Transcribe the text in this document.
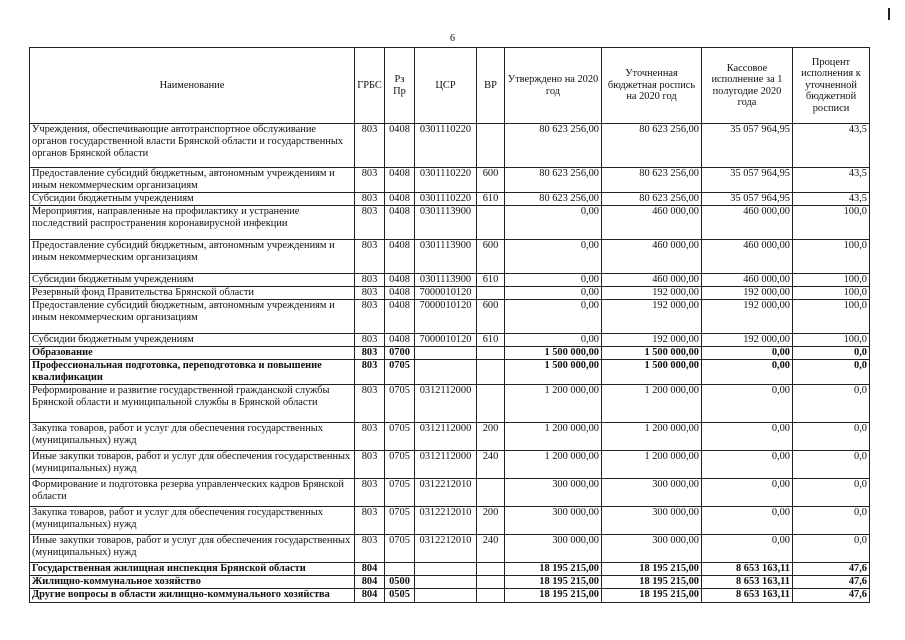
6
Наименование	ГРБС	Рз Пр	ЦСР	ВР	Утверждено на 2020 год	Уточненная бюджетная роспись на 2020 год	Кассовое исполнение за 1 полугодие 2020 года	Процент исполнения к уточненной бюджетной росписи
Учреждения, обеспечивающие автотранспортное обслуживание органов государственной власти Брянской области и государственных органов Брянской области	803	0408	0301110220		80 623 256,00	80 623 256,00	35 057 964,95	43,5
Предоставление субсидий бюджетным, автономным учреждениям и иным некоммерческим организациям	803	0408	0301110220	600	80 623 256,00	80 623 256,00	35 057 964,95	43,5
Субсидии бюджетным учреждениям	803	0408	0301110220	610	80 623 256,00	80 623 256,00	35 057 964,95	43,5
Мероприятия, направленные на профилактику и устранение последствий распространения коронавирусной инфекции	803	0408	0301113900		0,00	460 000,00	460 000,00	100,0
Предоставление субсидий бюджетным, автономным учреждениям и иным некоммерческим организациям	803	0408	0301113900	600	0,00	460 000,00	460 000,00	100,0
Субсидии бюджетным учреждениям	803	0408	0301113900	610	0,00	460 000,00	460 000,00	100,0
Резервный фонд Правительства Брянской области	803	0408	7000010120		0,00	192 000,00	192 000,00	100,0
Предоставление субсидий бюджетным, автономным учреждениям и иным некоммерческим организациям	803	0408	7000010120	600	0,00	192 000,00	192 000,00	100,0
Субсидии бюджетным учреждениям	803	0408	7000010120	610	0,00	192 000,00	192 000,00	100,0
Образование	803	0700			1 500 000,00	1 500 000,00	0,00	0,0
Профессиональная подготовка, переподготовка и повышение квалификации	803	0705			1 500 000,00	1 500 000,00	0,00	0,0
Реформирование и развитие государственной гражданской службы Брянской области и муниципальной службы в Брянской области	803	0705	0312112000		1 200 000,00	1 200 000,00	0,00	0,0
Закупка товаров, работ и услуг для обеспечения государственных (муниципальных) нужд	803	0705	0312112000	200	1 200 000,00	1 200 000,00	0,00	0,0
Иные закупки товаров, работ и услуг для обеспечения государственных (муниципальных) нужд	803	0705	0312112000	240	1 200 000,00	1 200 000,00	0,00	0,0
Формирование и подготовка резерва управленческих кадров Брянской области	803	0705	0312212010		300 000,00	300 000,00	0,00	0,0
Закупка товаров, работ и услуг для обеспечения государственных (муниципальных) нужд	803	0705	0312212010	200	300 000,00	300 000,00	0,00	0,0
Иные закупки товаров, работ и услуг для обеспечения государственных (муниципальных) нужд	803	0705	0312212010	240	300 000,00	300 000,00	0,00	0,0
Государственная жилищная инспекция Брянской области	804				18 195 215,00	18 195 215,00	8 653 163,11	47,6
Жилищно-коммунальное хозяйство	804	0500			18 195 215,00	18 195 215,00	8 653 163,11	47,6
Другие вопросы в области жилищно-коммунального хозяйства	804	0505			18 195 215,00	18 195 215,00	8 653 163,11	47,6
